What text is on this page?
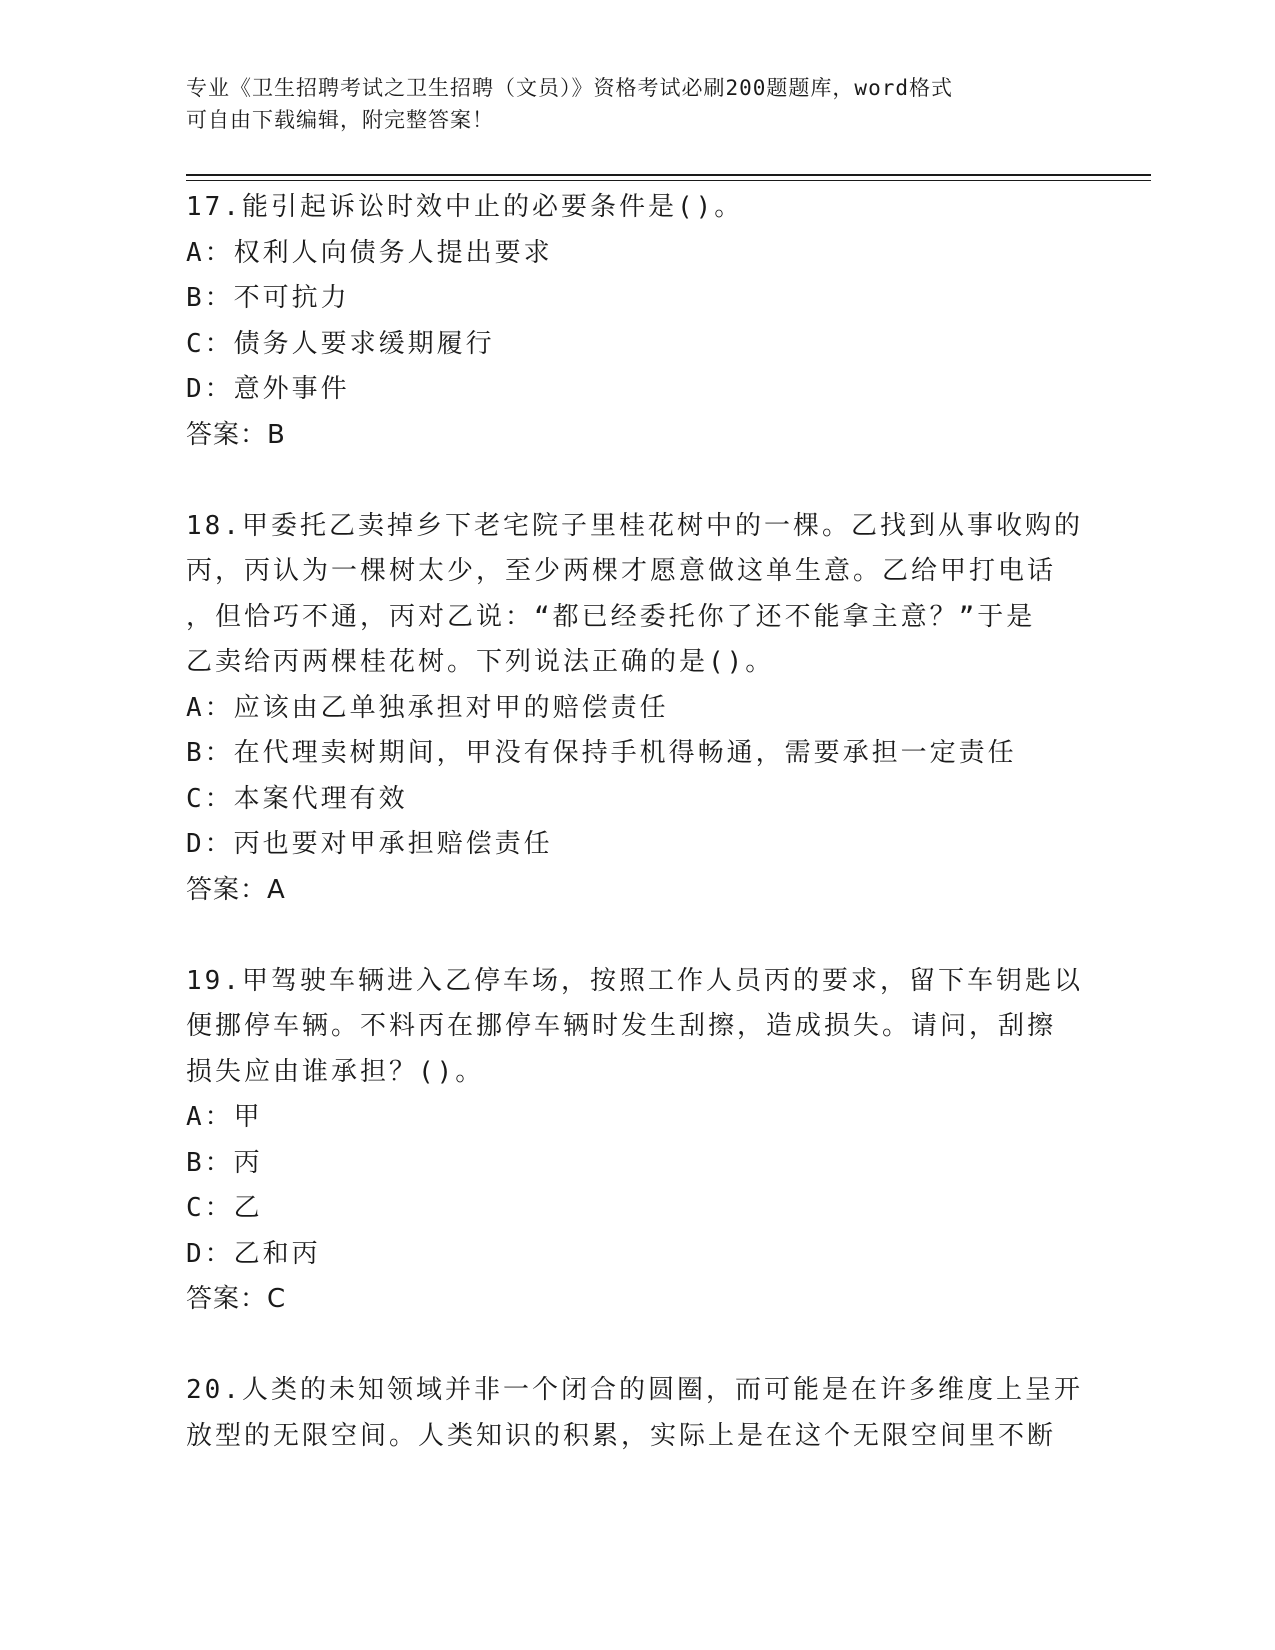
专业《卫生招聘考试之卫生招聘（文员）》资格考试必刷200题题库，word格式
可自由下载编辑，附完整答案！
17.能引起诉讼时效中止的必要条件是()。
A：权利人向债务人提出要求
B：不可抗力
C：债务人要求缓期履行
D：意外事件
答案：B
18.甲委托乙卖掉乡下老宅院子里桂花树中的一棵。乙找到从事收购的
丙，丙认为一棵树太少，至少两棵才愿意做这单生意。乙给甲打电话
，但恰巧不通，丙对乙说：“都已经委托你了还不能拿主意？”于是
乙卖给丙两棵桂花树。下列说法正确的是()。
A：应该由乙单独承担对甲的赔偿责任
B：在代理卖树期间，甲没有保持手机得畅通，需要承担一定责任
C：本案代理有效
D：丙也要对甲承担赔偿责任
答案：A
19.甲驾驶车辆进入乙停车场，按照工作人员丙的要求，留下车钥匙以
便挪停车辆。不料丙在挪停车辆时发生刮擦，造成损失。请问，刮擦
损失应由谁承担？()。
A：甲
B：丙
C：乙
D：乙和丙
答案：C
20.人类的未知领域并非一个闭合的圆圈，而可能是在许多维度上呈开
放型的无限空间。人类知识的积累，实际上是在这个无限空间里不断
